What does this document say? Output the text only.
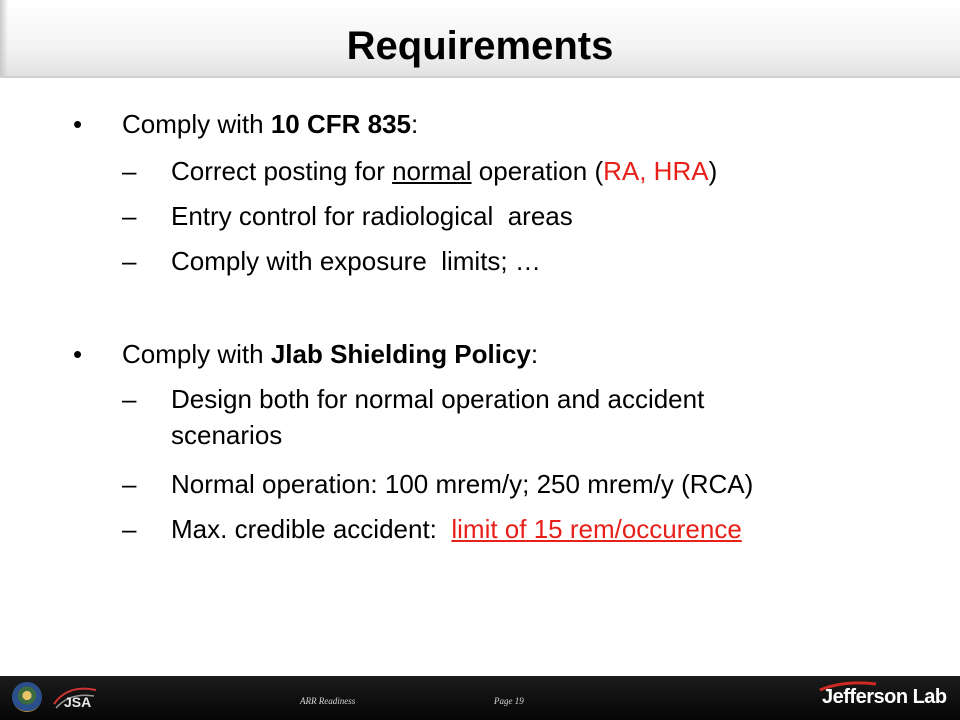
Requirements
• Comply with 10 CFR 835:
– Correct posting for normal operation (RA, HRA)
– Entry control for radiological  areas
– Comply with exposure  limits; …
• Comply with Jlab Shielding Policy:
– Design both for normal operation and accident
scenarios
– Normal operation: 100 mrem/y; 250 mrem/y (RCA)
– Max. credible accident:  limit of 15 rem/occurence
JSA	ARR Readiness	Page 19	Jefferson Lab
